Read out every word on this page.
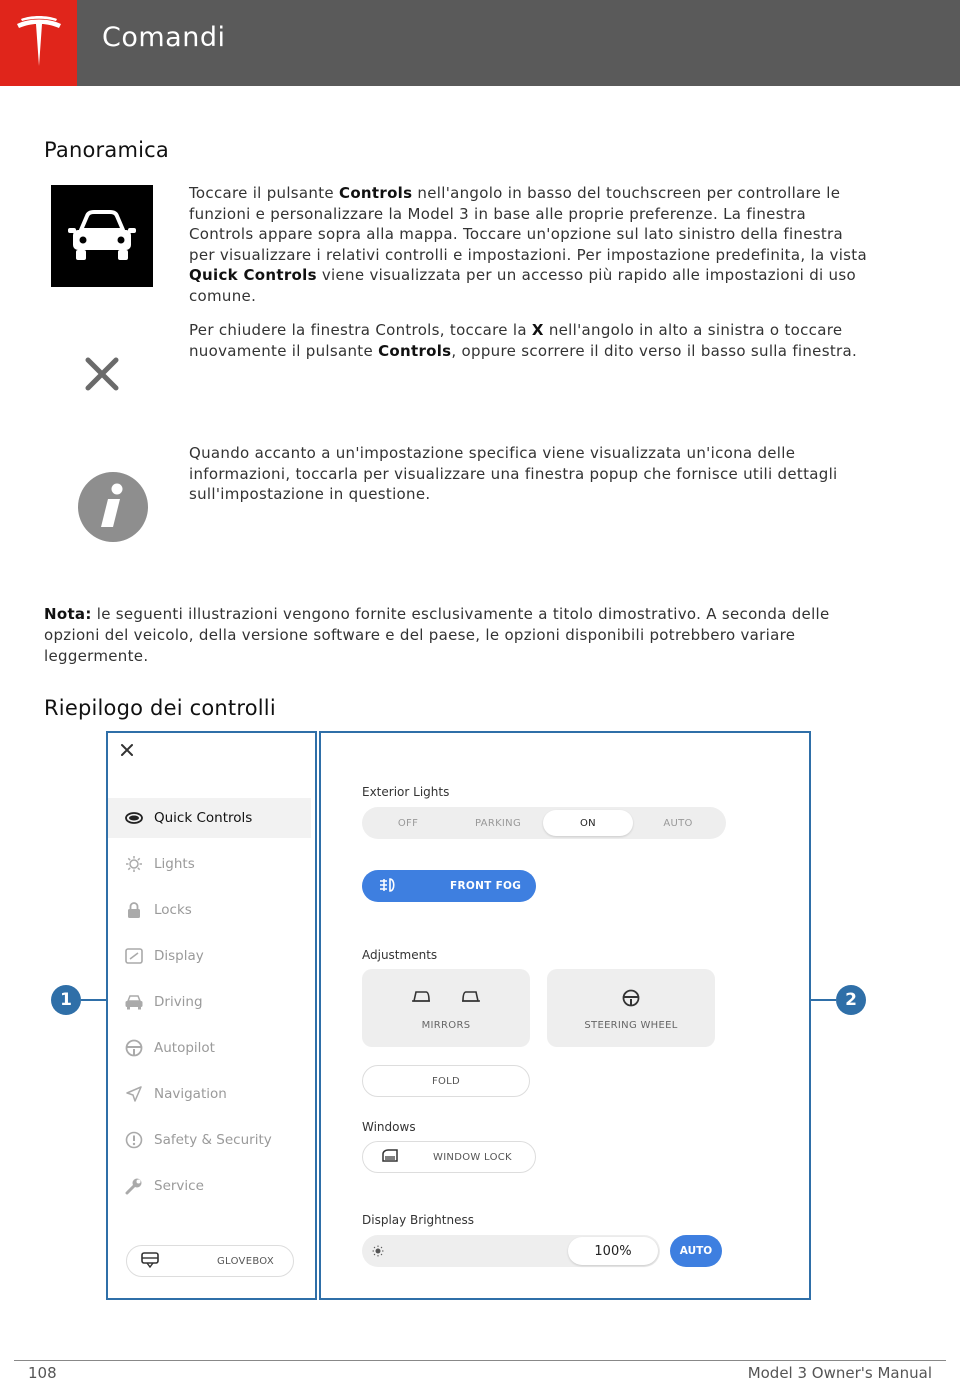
Comandi
Panoramica

Toccare il pulsante Controls nell'angolo in basso del touchscreen per controllare le funzioni e personalizzare la Model 3 in base alle proprie preferenze. La finestra Controls appare sopra alla mappa. Toccare un'opzione sul lato sinistro della finestra per visualizzare i relativi controlli e impostazioni. Per impostazione predefinita, la vista Quick Controls viene visualizzata per un accesso più rapido alle impostazioni di uso comune.

Per chiudere la finestra Controls, toccare la X nell'angolo in alto a sinistra o toccare nuovamente il pulsante Controls, oppure scorrere il dito verso il basso sulla finestra.

Quando accanto a un'impostazione specifica viene visualizzata un'icona delle informazioni, toccarla per visualizzare una finestra popup che fornisce utili dettagli sull'impostazione in questione.

Nota: le seguenti illustrazioni vengono fornite esclusivamente a titolo dimostrativo. A seconda delle opzioni del veicolo, della versione software e del paese, le opzioni disponibili potrebbero variare leggermente.

Riepilogo dei controlli
1	2
Quick Controls
Lights
Locks
Display
Driving
Autopilot
Navigation
Safety & Security
Service
GLOVEBOX
Exterior Lights
OFF	PARKING	ON	AUTO
FRONT FOG
Adjustments
MIRRORS	STEERING WHEEL
FOLD
Windows
WINDOW LOCK
Display Brightness
100%	AUTO
108	Model 3 Owner's Manual
